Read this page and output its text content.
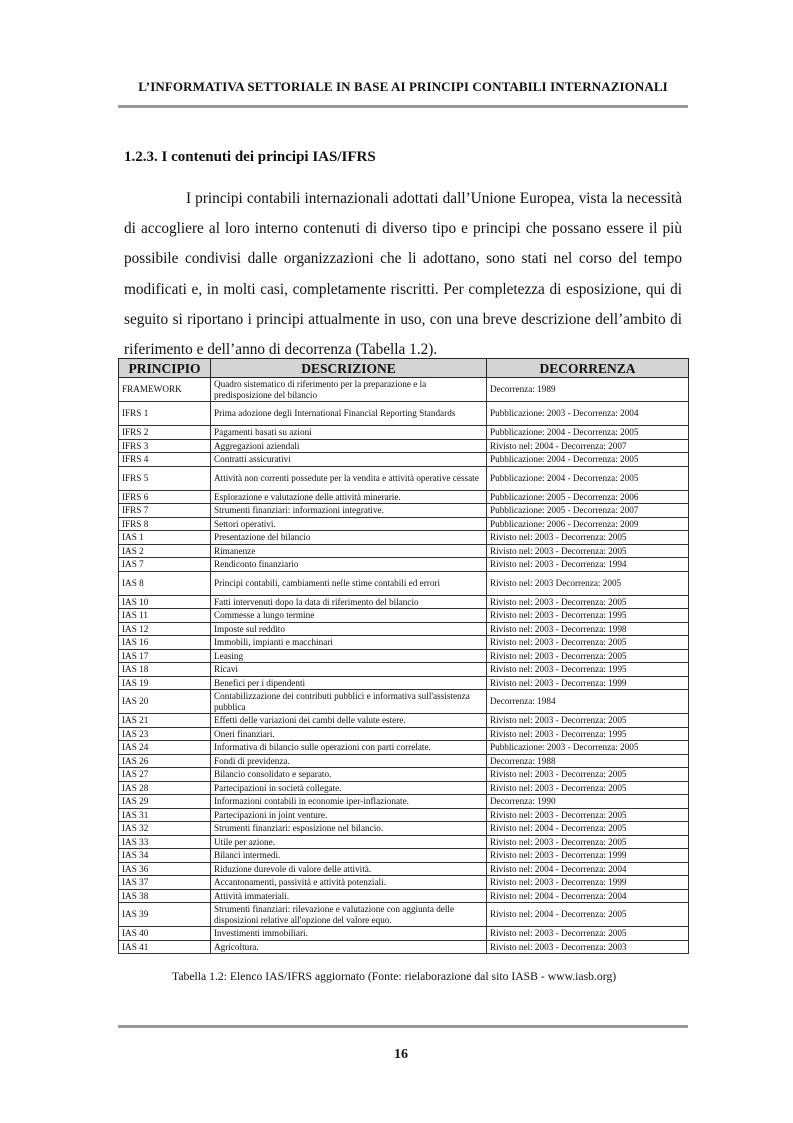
L’INFORMATIVA SETTORIALE IN BASE AI PRINCIPI CONTABILI INTERNAZIONALI
1.2.3. I contenuti dei principi IAS/IFRS

I principi contabili internazionali adottati dall’Unione Europea, vista la necessità di accogliere al loro interno contenuti di diverso tipo e principi che possano essere il più possibile condivisi dalle organizzazioni che li adottano, sono stati nel corso del tempo modificati e, in molti casi, completamente riscritti. Per completezza di esposizione, qui di seguito si riportano i principi attualmente in uso, con una breve descrizione dell’ambito di riferimento e dell’anno di decorrenza (Tabella 1.2).

PRINCIPIO	DESCRIZIONE	DECORRENZA
FRAMEWORK	Quadro sistematico di riferimento per la preparazione e la predisposizione del bilancio	Decorrenza: 1989
IFRS 1	Prima adozione degli International Financial Reporting Standards	Pubblicazione: 2003 - Decorrenza: 2004
IFRS 2	Pagamenti basati su azioni	Pubblicazione: 2004 - Decorrenza: 2005
IFRS 3	Aggregazioni aziendali	Rivisto nel: 2004 - Decorrenza: 2007
IFRS 4	Contratti assicurativi	Pubblicazione: 2004 - Decorrenza: 2005
IFRS 5	Attività non correnti possedute per la vendita e attività operative cessate	Pubblicazione: 2004 - Decorrenza: 2005
IFRS 6	Esplorazione e valutazione delle attività minerarie.	Pubblicazione: 2005 - Decorrenza: 2006
IFRS 7	Strumenti finanziari: informazioni integrative.	Pubblicazione: 2005 - Decorrenza: 2007
IFRS 8	Settori operativi.	Pubblicazione: 2006 - Decorrenza: 2009
IAS 1	Presentazione del bilancio	Rivisto nel: 2003 - Decorrenza: 2005
IAS 2	Rimanenze	Rivisto nel: 2003 - Decorrenza: 2005
IAS 7	Rendiconto finanziario	Rivisto nel: 2003 - Decorrenza: 1994
IAS 8	Principi contabili, cambiamenti nelle stime contabili ed errori	Rivisto nel: 2003 Decorrenza: 2005
IAS 10	Fatti intervenuti dopo la data di riferimento del bilancio	Rivisto nel: 2003 - Decorrenza: 2005
IAS 11	Commesse a lungo termine	Rivisto nel: 2003 - Decorrenza: 1995
IAS 12	Imposte sul reddito	Rivisto nel: 2003 - Decorrenza: 1998
IAS 16	Immobili, impianti e macchinari	Rivisto nel: 2003 - Decorrenza: 2005
IAS 17	Leasing	Rivisto nel: 2003 - Decorrenza: 2005
IAS 18	Ricavi	Rivisto nel: 2003 - Decorrenza: 1995
IAS 19	Benefici per i dipendenti	Rivisto nel: 2003 - Decorrenza: 1999
IAS 20	Contabilizzazione dei contributi pubblici e informativa sull'assistenza pubblica	Decorrenza: 1984
IAS 21	Effetti delle variazioni dei cambi delle valute estere.	Rivisto nel: 2003 - Decorrenza: 2005
IAS 23	Oneri finanziari.	Rivisto nel: 2003 - Decorrenza: 1995
IAS 24	Informativa di bilancio sulle operazioni con parti correlate.	Pubblicazione: 2003 - Decorrenza: 2005
IAS 26	Fondi di previdenza.	Decorrenza: 1988
IAS 27	Bilancio consolidato e separato.	Rivisto nel: 2003 - Decorrenza: 2005
IAS 28	Partecipazioni in società collegate.	Rivisto nel: 2003 - Decorrenza: 2005
IAS 29	Informazioni contabili in economie iper-inflazionate.	Decorrenza: 1990
IAS 31	Partecipazioni in joint venture.	Rivisto nel: 2003 - Decorrenza: 2005
IAS 32	Strumenti finanziari: esposizione nel bilancio.	Rivisto nel: 2004 - Decorrenza: 2005
IAS 33	Utile per azione.	Rivisto nel: 2003 - Decorrenza: 2005
IAS 34	Bilanci intermedi.	Rivisto nel: 2003 - Decorrenza: 1999
IAS 36	Riduzione durevole di valore delle attività.	Rivisto nel: 2004 - Decorrenza: 2004
IAS 37	Accantonamenti, passività e attività potenziali.	Rivisto nel: 2003 - Decorrenza: 1999
IAS 38	Attività immateriali.	Rivisto nel: 2004 - Decorrenza: 2004
IAS 39	Strumenti finanziari: rilevazione e valutazione con aggiunta delle disposizioni relative all'opzione del valore equo.	Rivisto nel: 2004 - Decorrenza: 2005
IAS 40	Investimenti immobiliari.	Rivisto nel: 2003 - Decorrenza: 2005
IAS 41	Agricoltura.	Rivisto nel: 2003 - Decorrenza: 2003
Tabella 1.2: Elenco IAS/IFRS aggiornato (Fonte: rielaborazione dal sito IASB - www.iasb.org)
16
